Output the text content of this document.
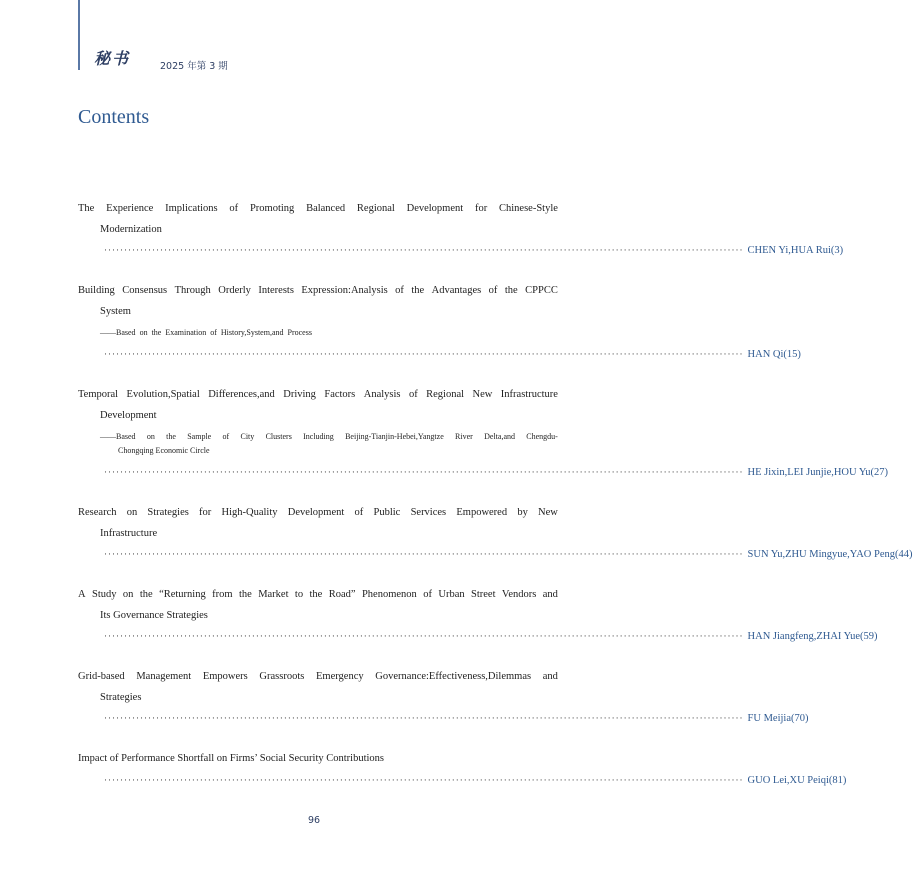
秘书	2025 年第 3 期
Contents
The Experience Implications of Promoting Balanced Regional Development for Chinese-Style
Modernization
································································································································································ CHEN Yi,HUA Rui(3)
Building Consensus Through Orderly Interests Expression:Analysis of the Advantages of the CPPCC
System
——Based on the Examination of History,System,and Process
································································································································································ HAN Qi(15)
Temporal Evolution,Spatial Differences,and Driving Factors Analysis of Regional New Infrastructure
Development
——Based on the Sample of City Clusters Including Beijing-Tianjin-Hebei,Yangtze River Delta,and Chengdu-
Chongqing Economic Circle
································································································································································ HE Jixin,LEI Junjie,HOU Yu(27)
Research on Strategies for High-Quality Development of Public Services Empowered by New
Infrastructure
································································································································································ SUN Yu,ZHU Mingyue,YAO Peng(44)
A Study on the “Returning from the Market to the Road” Phenomenon of Urban Street Vendors and
Its Governance Strategies
································································································································································ HAN Jiangfeng,ZHAI Yue(59)
Grid-based Management Empowers Grassroots Emergency Governance:Effectiveness,Dilemmas and
Strategies
································································································································································ FU Meijia(70)
Impact of Performance Shortfall on Firms’ Social Security Contributions
································································································································································ GUO Lei,XU Peiqi(81)
96
